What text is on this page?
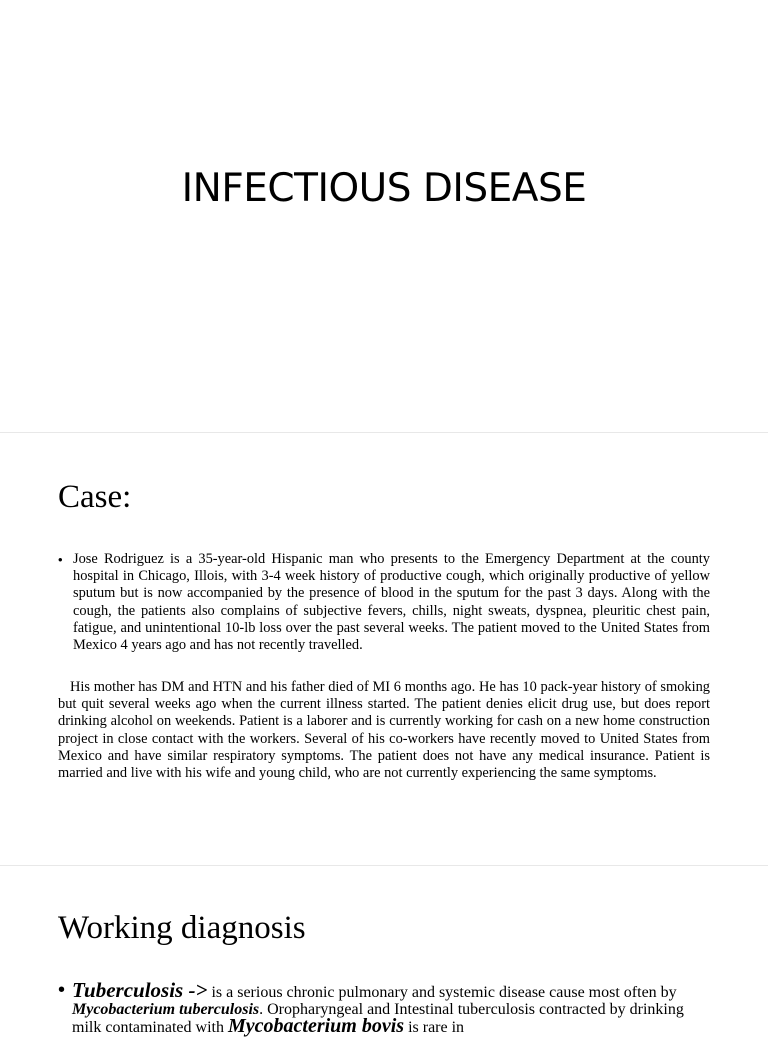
INFECTIOUS DISEASE
Case:
• Jose Rodriguez is a 35-year-old Hispanic man who presents to the Emergency Department at the county hospital in Chicago, Illois, with 3-4 week history of productive cough, which originally productive of yellow sputum but is now accompanied by the presence of blood in the sputum for the past 3 days. Along with the cough, the patients also complains of subjective fevers, chills, night sweats, dyspnea, pleuritic chest pain, fatigue, and unintentional 10-lb loss over the past several weeks. The patient moved to the United States from Mexico 4 years ago and has not recently travelled.

His mother has DM and HTN and his father died of MI 6 months ago. He has 10 pack-year history of smoking but quit several weeks ago when the current illness started. The patient denies elicit drug use, but does report drinking alcohol on weekends. Patient is a laborer and is currently working for cash on a new home construction project in close contact with the workers. Several of his co-workers have recently moved to United States from Mexico and have similar respiratory symptoms. The patient does not have any medical insurance. Patient is married and live with his wife and young child, who are not currently experiencing the same symptoms.

Working diagnosis
• Tuberculosis -> is a serious chronic pulmonary and systemic disease cause most often by Mycobacterium tuberculosis. Oropharyngeal and Intestinal tuberculosis contracted by drinking milk contaminated with Mycobacterium bovis is rare in
